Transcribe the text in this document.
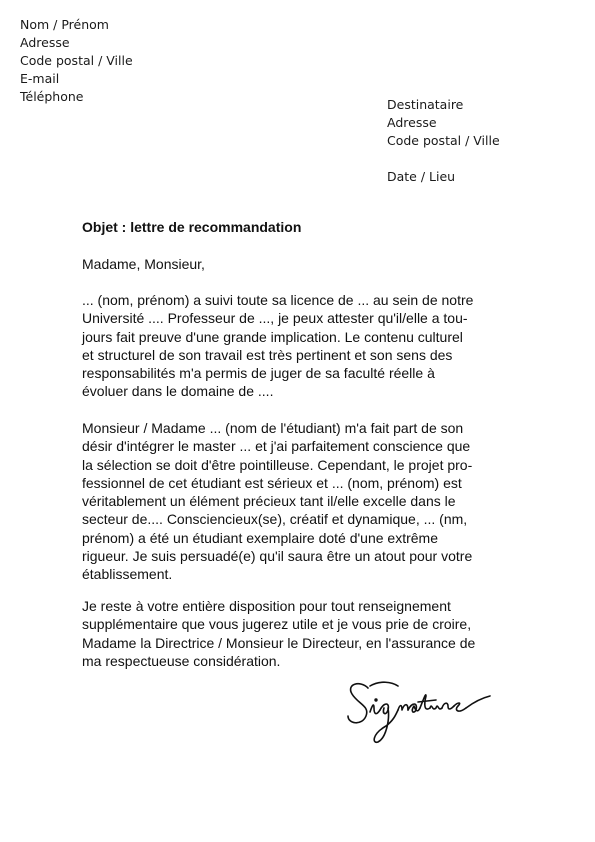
Nom / Prénom
Adresse
Code postal / Ville
E-mail
Téléphone
Destinataire
Adresse
Code postal / Ville
Date / Lieu
Objet : lettre de recommandation
Madame, Monsieur,
... (nom, prénom) a suivi toute sa licence de ... au sein de notre
Université .... Professeur de ..., je peux attester qu'il/elle a tou-
jours fait preuve d'une grande implication. Le contenu culturel
et structurel de son travail est très pertinent et son sens des
responsabilités m'a permis de juger de sa faculté réelle à
évoluer dans le domaine de ....
Monsieur / Madame ... (nom de l'étudiant) m'a fait part de son
désir d'intégrer le master ... et j'ai parfaitement conscience que
la sélection se doit d'être pointilleuse. Cependant, le projet pro-
fessionnel de cet étudiant est sérieux et ... (nom, prénom) est
véritablement un élément précieux tant il/elle excelle dans le
secteur de.... Consciencieux(se), créatif et dynamique, ... (nm,
prénom) a été un étudiant exemplaire doté d'une extrême
rigueur. Je suis persuadé(e) qu'il saura être un atout pour votre
établissement.
Je reste à votre entière disposition pour tout renseignement
supplémentaire que vous jugerez utile et je vous prie de croire,
Madame la Directrice / Monsieur le Directeur, en l'assurance de
ma respectueuse considération.
